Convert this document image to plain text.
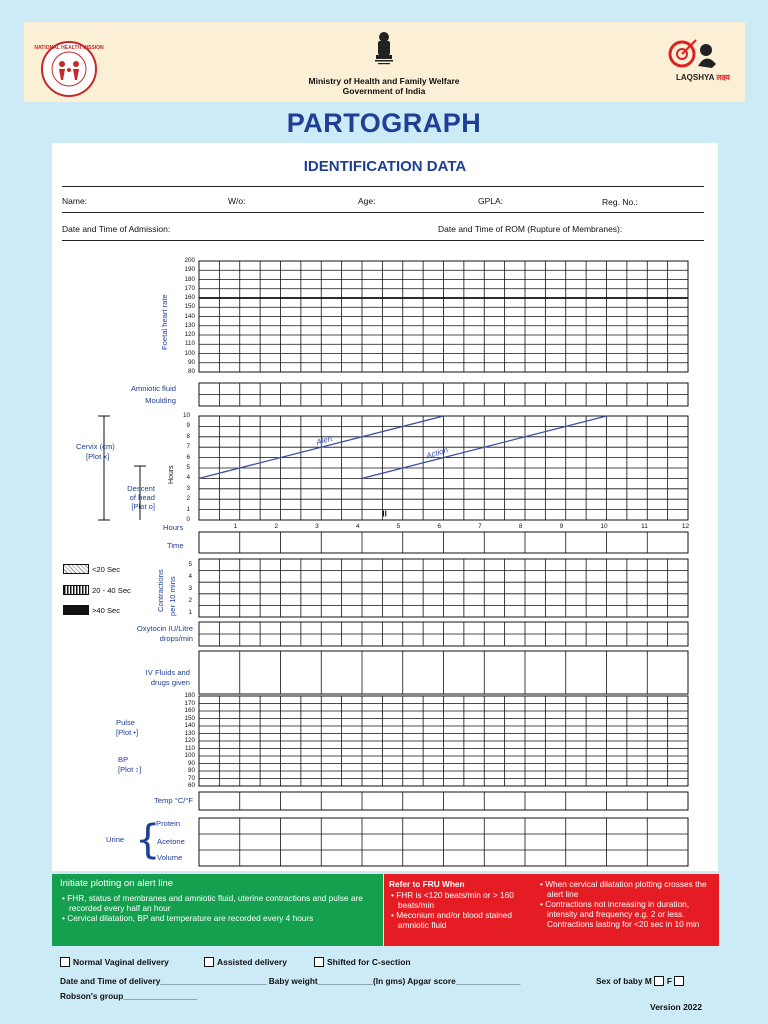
NATIONAL HEALTH MISSION
Ministry of Health and Family Welfare
Government of India
LAQSHYA लक्ष्य
PARTOGRAPH
IDENTIFICATION DATA
Name:	W/o:	Age:	GPLA:	Reg. No.:
Date and Time of Admission:	Date and Time of ROM (Rupture of Membranes):
Alert
Action
II
Foetal heart rate
200
190
180
170
160
150
140
130
120
110
100
90
80
Amniotic fluid
Moulding
Cervix (cm)
[Plot x]
Descent
of head
[Plot o]
Hours
10
9
8
7
6
5
4
3
2
1
0
Hours	1	2	3	4	5	6	7	8	9	10	11	12
Time
<20 Sec
20 - 40 Sec
>40 Sec	Contractions per 10 mins
5
4
3
2
1
Oxytocin IU/Litre
drops/min
IV Fluids and
drugs given
Pulse
[Plot •]
BP
[Plot ↕]
180
170
160
150
140
130
120
110
100
90
80
70
60
Temp °C/°F
Urine {
Protein
Acetone
Volume
Initiate plotting on alert line
• FHR, status of membranes and amniotic fluid, uterine contractions and pulse are recorded every half an hour
• Cervical dilatation, BP and temperature are recorded every 4 hours
Refer to FRU When
• FHR is <120 beats/min or > 160 beats/min
• Meconium and/or blood stained amniotic fluid
• When cervical dilatation plotting crosses the alert line
• Contractions not increasing in duration, intensity and frequency e.g. 2 or less. Contractions lasting for <20 sec in 10 min
Normal Vaginal delivery	Assisted delivery	Shifted for C-section
Date and Time of delivery_______________________ Baby weight____________(In gms) Apgar score______________	Sex of baby M F
Robson's group________________
Version 2022
